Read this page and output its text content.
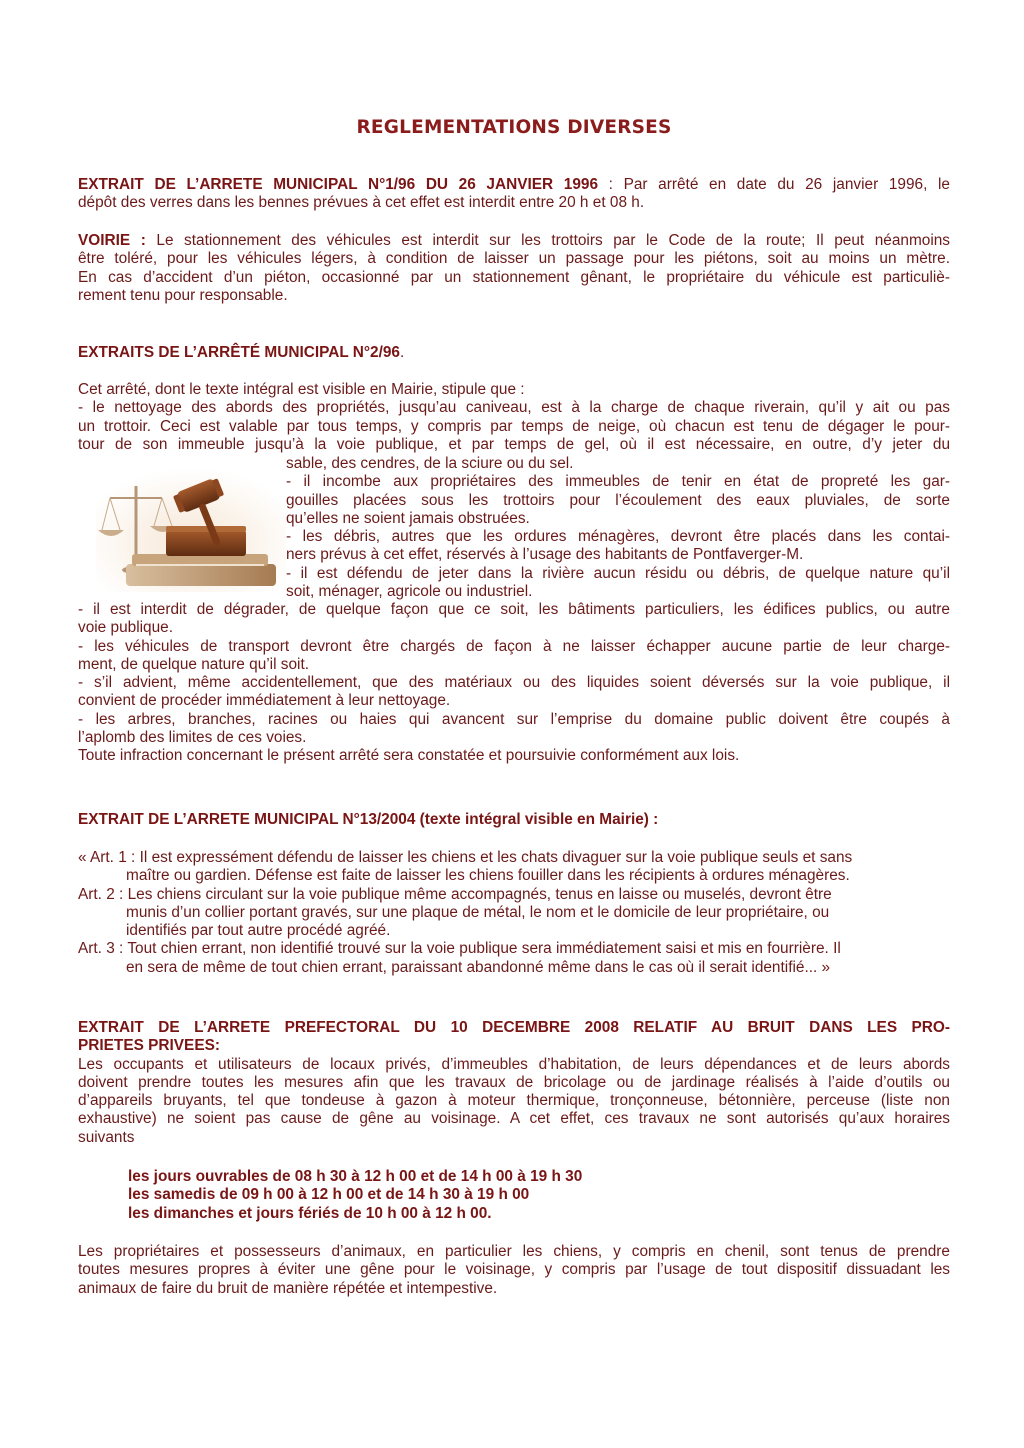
REGLEMENTATIONS DIVERSES

EXTRAIT DE L’ARRETE MUNICIPAL N°1/96 DU 26 JANVIER 1996 : Par arrêté en date du 26 janvier 1996, le

dépôt des verres dans les bennes prévues à cet effet est interdit entre 20 h et 08 h.

VOIRIE : Le stationnement des véhicules est interdit sur les trottoirs par le Code de la route; Il peut néanmoins

être toléré, pour les véhicules légers, à condition de laisser un passage pour les piétons, soit au moins un mètre.

En cas d’accident d’un piéton, occasionné par un stationnement gênant, le propriétaire du véhicule est particuliè-

rement tenu pour responsable.

EXTRAITS DE L’ARRÊTÉ MUNICIPAL N°2/96.

Cet arrêté, dont le texte intégral est visible en Mairie, stipule que :

- le nettoyage des abords des propriétés, jusqu’au caniveau, est à la charge de chaque riverain, qu’il y ait ou pas

un trottoir. Ceci est valable par tous temps, y compris par temps de neige, où chacun est tenu de dégager le pour-

tour de son immeuble jusqu’à la voie publique, et par temps de gel, où il est nécessaire, en outre, d’y jeter du

sable, des cendres, de la sciure ou du sel.

- il incombe aux propriétaires des immeubles de tenir en état de propreté les gar-

gouilles placées sous les trottoirs pour l’écoulement des eaux pluviales, de sorte

qu’elles ne soient jamais obstruées.

- les débris, autres que les ordures ménagères, devront être placés dans les contai-

ners prévus à cet effet, réservés à l’usage des habitants de Pontfaverger-M.

- il est défendu de jeter dans la rivière aucun résidu ou débris, de quelque nature qu’il

soit, ménager, agricole ou industriel.

- il est interdit de dégrader, de quelque façon que ce soit, les bâtiments particuliers, les édifices publics, ou autre

voie publique.

- les véhicules de transport devront être chargés de façon à ne laisser échapper aucune partie de leur charge-

ment, de quelque nature qu’il soit.

- s’il advient, même accidentellement, que des matériaux ou des liquides soient déversés sur la voie publique, il

convient de procéder immédiatement à leur nettoyage.

- les arbres, branches, racines ou haies qui avancent sur l’emprise du domaine public doivent être coupés à

l’aplomb des limites de ces voies.

Toute infraction concernant le présent arrêté sera constatée et poursuivie conformément aux lois.

EXTRAIT DE L’ARRETE MUNICIPAL N°13/2004 (texte intégral visible en Mairie) :

« Art. 1 : Il est expressément défendu de laisser les chiens et les chats divaguer sur la voie publique seuls et sans

maître ou gardien. Défense est faite de laisser les chiens fouiller dans les récipients à ordures ménagères.

Art. 2 : Les chiens circulant sur la voie publique même accompagnés, tenus en laisse ou muselés, devront être

munis d’un collier portant gravés, sur une plaque de métal, le nom et le domicile de leur propriétaire, ou

identifiés par tout autre procédé agréé.

Art. 3 : Tout chien errant, non identifié trouvé sur la voie publique sera immédiatement saisi et mis en fourrière. Il

en sera de même de tout chien errant, paraissant abandonné même dans le cas où il serait identifié... »

EXTRAIT DE L’ARRETE PREFECTORAL DU 10 DECEMBRE 2008 RELATIF AU BRUIT DANS LES PRO-

PRIETES PRIVEES:

Les occupants et utilisateurs de locaux privés, d’immeubles d’habitation, de leurs dépendances et de leurs abords

doivent prendre toutes les mesures afin que les travaux de bricolage ou de jardinage réalisés à l’aide d’outils ou

d’appareils bruyants, tel que tondeuse à gazon à moteur thermique, tronçonneuse, bétonnière, perceuse (liste non

exhaustive) ne soient pas cause de gêne au voisinage. A cet effet, ces travaux ne sont autorisés qu’aux horaires

suivants

les jours ouvrables de 08 h 30 à 12 h 00 et de 14 h 00 à 19 h 30

les samedis de 09 h 00 à 12 h 00 et de 14 h 30 à 19 h 00

les dimanches et jours fériés de 10 h 00 à 12 h 00.

Les propriétaires et possesseurs d’animaux, en particulier les chiens, y compris en chenil, sont tenus de prendre

toutes mesures propres à éviter une gêne pour le voisinage, y compris par l’usage de tout dispositif dissuadant les

animaux de faire du bruit de manière répétée et intempestive.
